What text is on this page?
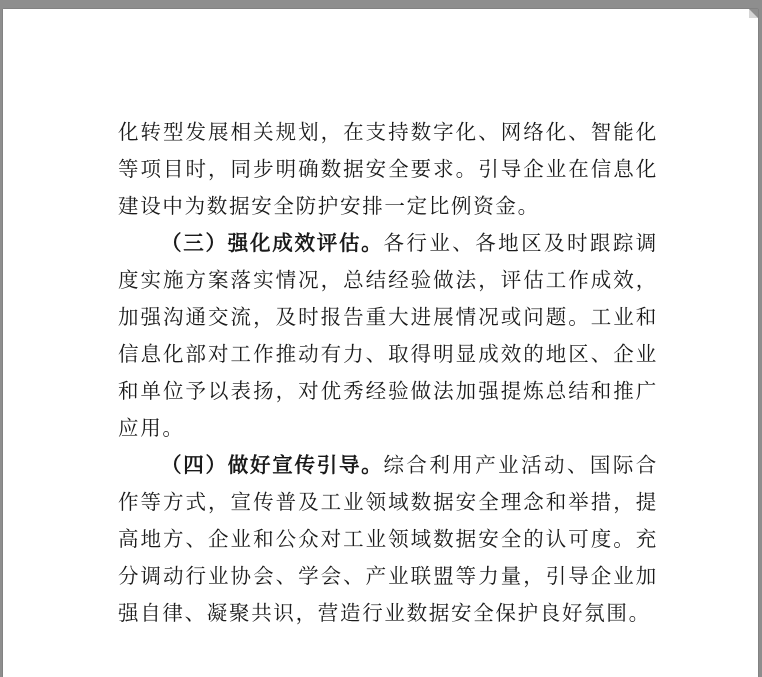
化转型发展相关规划，在支持数字化、网络化、智能化等项目时，同步明确数据安全要求。引导企业在信息化建设中为数据安全防护安排一定比例资金。

（三）强化成效评估。各行业、各地区及时跟踪调度实施方案落实情况，总结经验做法，评估工作成效，加强沟通交流，及时报告重大进展情况或问题。工业和信息化部对工作推动有力、取得明显成效的地区、企业和单位予以表扬，对优秀经验做法加强提炼总结和推广应用。

（四）做好宣传引导。综合利用产业活动、国际合作等方式，宣传普及工业领域数据安全理念和举措，提高地方、企业和公众对工业领域数据安全的认可度。充分调动行业协会、学会、产业联盟等力量，引导企业加强自律、凝聚共识，营造行业数据安全保护良好氛围。
